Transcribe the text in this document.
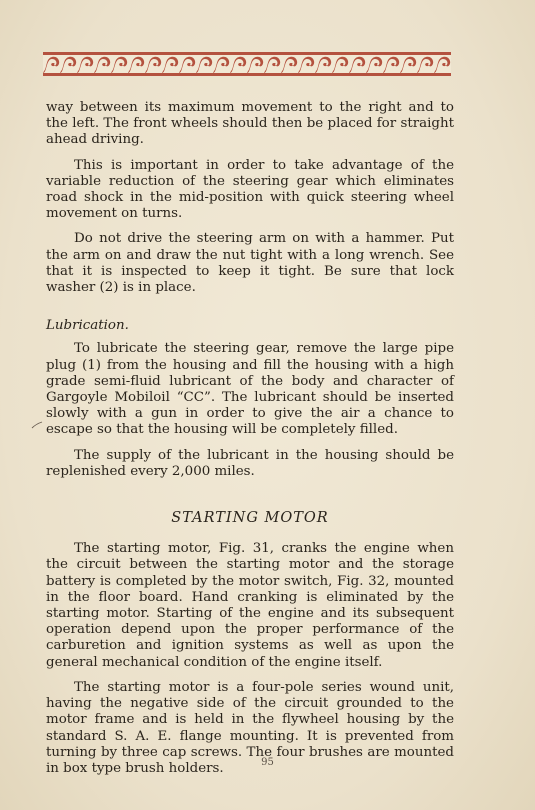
way between its maximum movement to the right and to the left. The front wheels should then be placed for straight ahead driving.

This is important in order to take advantage of the variable reduction of the steering gear which eliminates road shock in the mid-position with quick steering wheel movement on turns.

Do not drive the steering arm on with a hammer. Put the arm on and draw the nut tight with a long wrench. See that it is inspected to keep it tight. Be sure that lock washer (2) is in place.

Lubrication.

To lubricate the steering gear, remove the large pipe plug (1) from the housing and fill the housing with a high grade semi-fluid lubricant of the body and character of Gargoyle Mobiloil “CC”. The lubricant should be inserted slowly with a gun in order to give the air a chance to escape so that the housing will be completely filled.

The supply of the lubricant in the housing should be replenished every 2,000 miles.

STARTING MOTOR

The starting motor, Fig. 31, cranks the engine when the circuit between the starting motor and the storage battery is completed by the motor switch, Fig. 32, mounted in the floor board. Hand cranking is eliminated by the starting motor. Starting of the engine and its subsequent operation depend upon the proper performance of the carburetion and ignition systems as well as upon the general mechanical condition of the engine itself.

The starting motor is a four-pole series wound unit, having the negative side of the circuit grounded to the motor frame and is held in the flywheel housing by the standard S. A. E. flange mounting. It is prevented from turning by three cap screws. The four brushes are mounted in box type brush holders.	95
